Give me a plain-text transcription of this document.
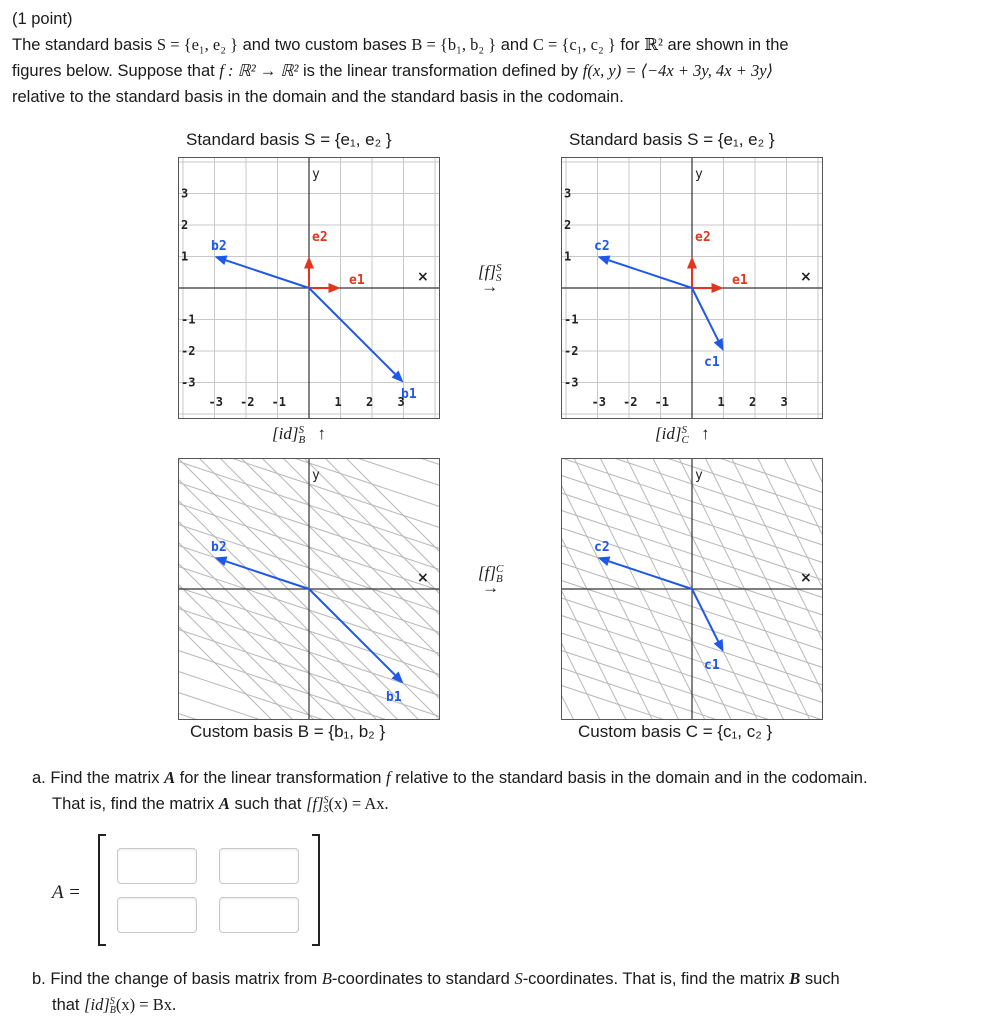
(1 point)
The standard basis S = {e₁, e₂ } and two custom bases B = {b₁, b₂ } and C = {c₁, c₂ } for ℝ² are shown in the
figures below. Suppose that f : ℝ² → ℝ² is the linear transformation defined by f(x, y) = ⟨−4x + 3y, 4x + 3y⟩
relative to the standard basis in the domain and the standard basis in the codomain.
Standard basis S = {e₁, e₂ }	Standard basis S = {e₁, e₂ }
Custom basis B = {b₁, b₂ }	Custom basis C = {c₁, c₂ }
-3
-3
-2
-2
-1
-1
1
1
2
2
3
3
y
×
e1
e2
b1
b2
-3
-3
-2
-2
-1
-1
1
1
2
2
3
3
y
×
e1
e2
c1
c2
y
×
b1
b2
y
×
c1
c2
[f]S
S
→
[f]C
B
→
[id]S
B ↑	[id]S
C ↑
a. Find the matrix A for the linear transformation f relative to the standard basis in the domain and in the codomain.
That is, find the matrix A such that [f]S
S(x) = Ax.
A =
b. Find the change of basis matrix from B-coordinates to standard S-coordinates. That is, find the matrix B such
that [id]S
B(x) = Bx.
